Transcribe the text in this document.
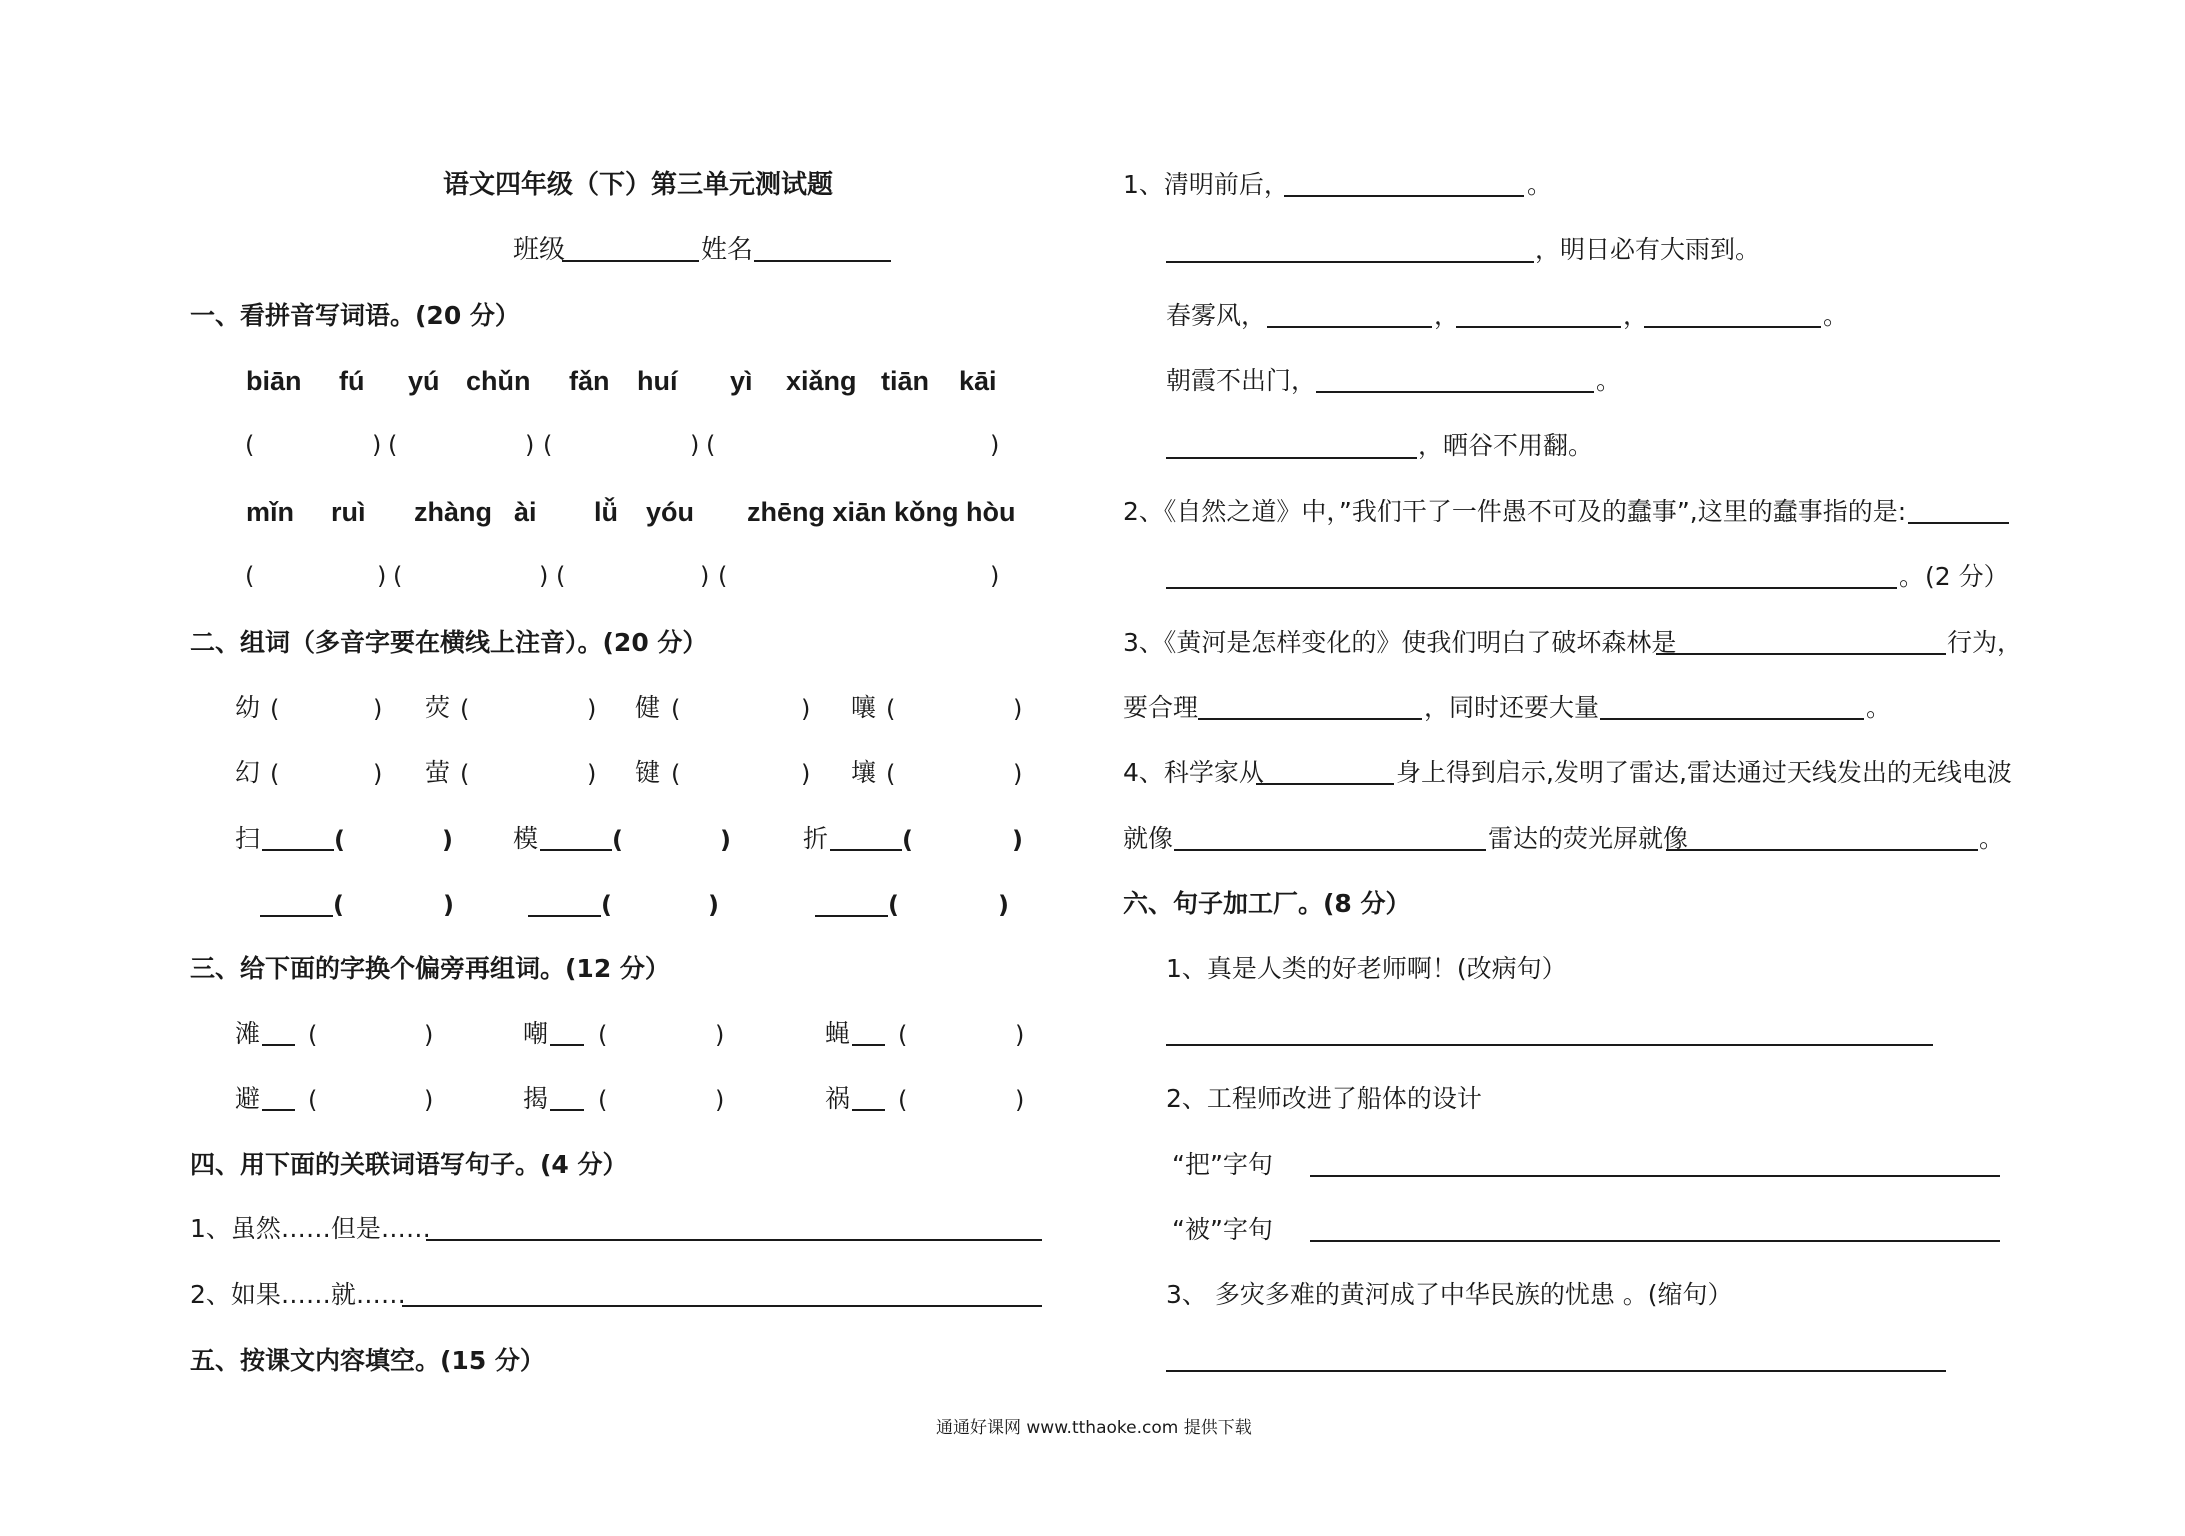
语文四年级（下）第三单元测试题
班级	姓名
一、看拼音写词语。(20 分）
biān fú yú chǔn fǎn huí yì xiǎng tiān kāi
(	) (	) (	) (	)
mǐn ruì zhàng ài lǚ yóu zhēng xiān kǒng hòu
(	) (	) (	) (	)
二、组词（多音字要在横线上注音）。(20 分）
幼 (	) 荧 (	) 健 (	) 嚷 (	)
幻 (	) 萤 (	) 键 (	) 壤 (	)
扫	(	) 模	(	)	折	(	)
(	)	(	)	(	)
三、给下面的字换个偏旁再组词。(12 分）
滩 (	)	嘲 (	)	蝇 (	)
避 (	)	揭 (	)	祸 (	)
四、用下面的关联词语写句子。(4 分）
1、虽然……但是……
2、如果……就……
五、按课文内容填空。(15 分）
1、清明前后，	。
，明日必有大雨到。
春雾风，	，	，	。
朝霞不出门，	。
，晒谷不用翻。
2、《自然之道》中，”我们干了一件愚不可及的蠢事”,这里的蠢事指的是:
。 (2 分）
3、《黄河是怎样变化的》使我们明白了破坏森林是	行为，
要合理	，同时还要大量	。
4、科学家从	身上得到启示,发明了雷达,雷达通过天线发出的无线电波
就像	雷达的荧光屏就像	。
六、句子加工厂。(8 分）
1、真是人类的好老师啊！(改病句）
2、工程师改进了船体的设计
“把”字句
“被”字句
3、 多灾多难的黄河成了中华民族的忧患 。(缩句）
通通好课网 www.tthaoke.com 提供下载
